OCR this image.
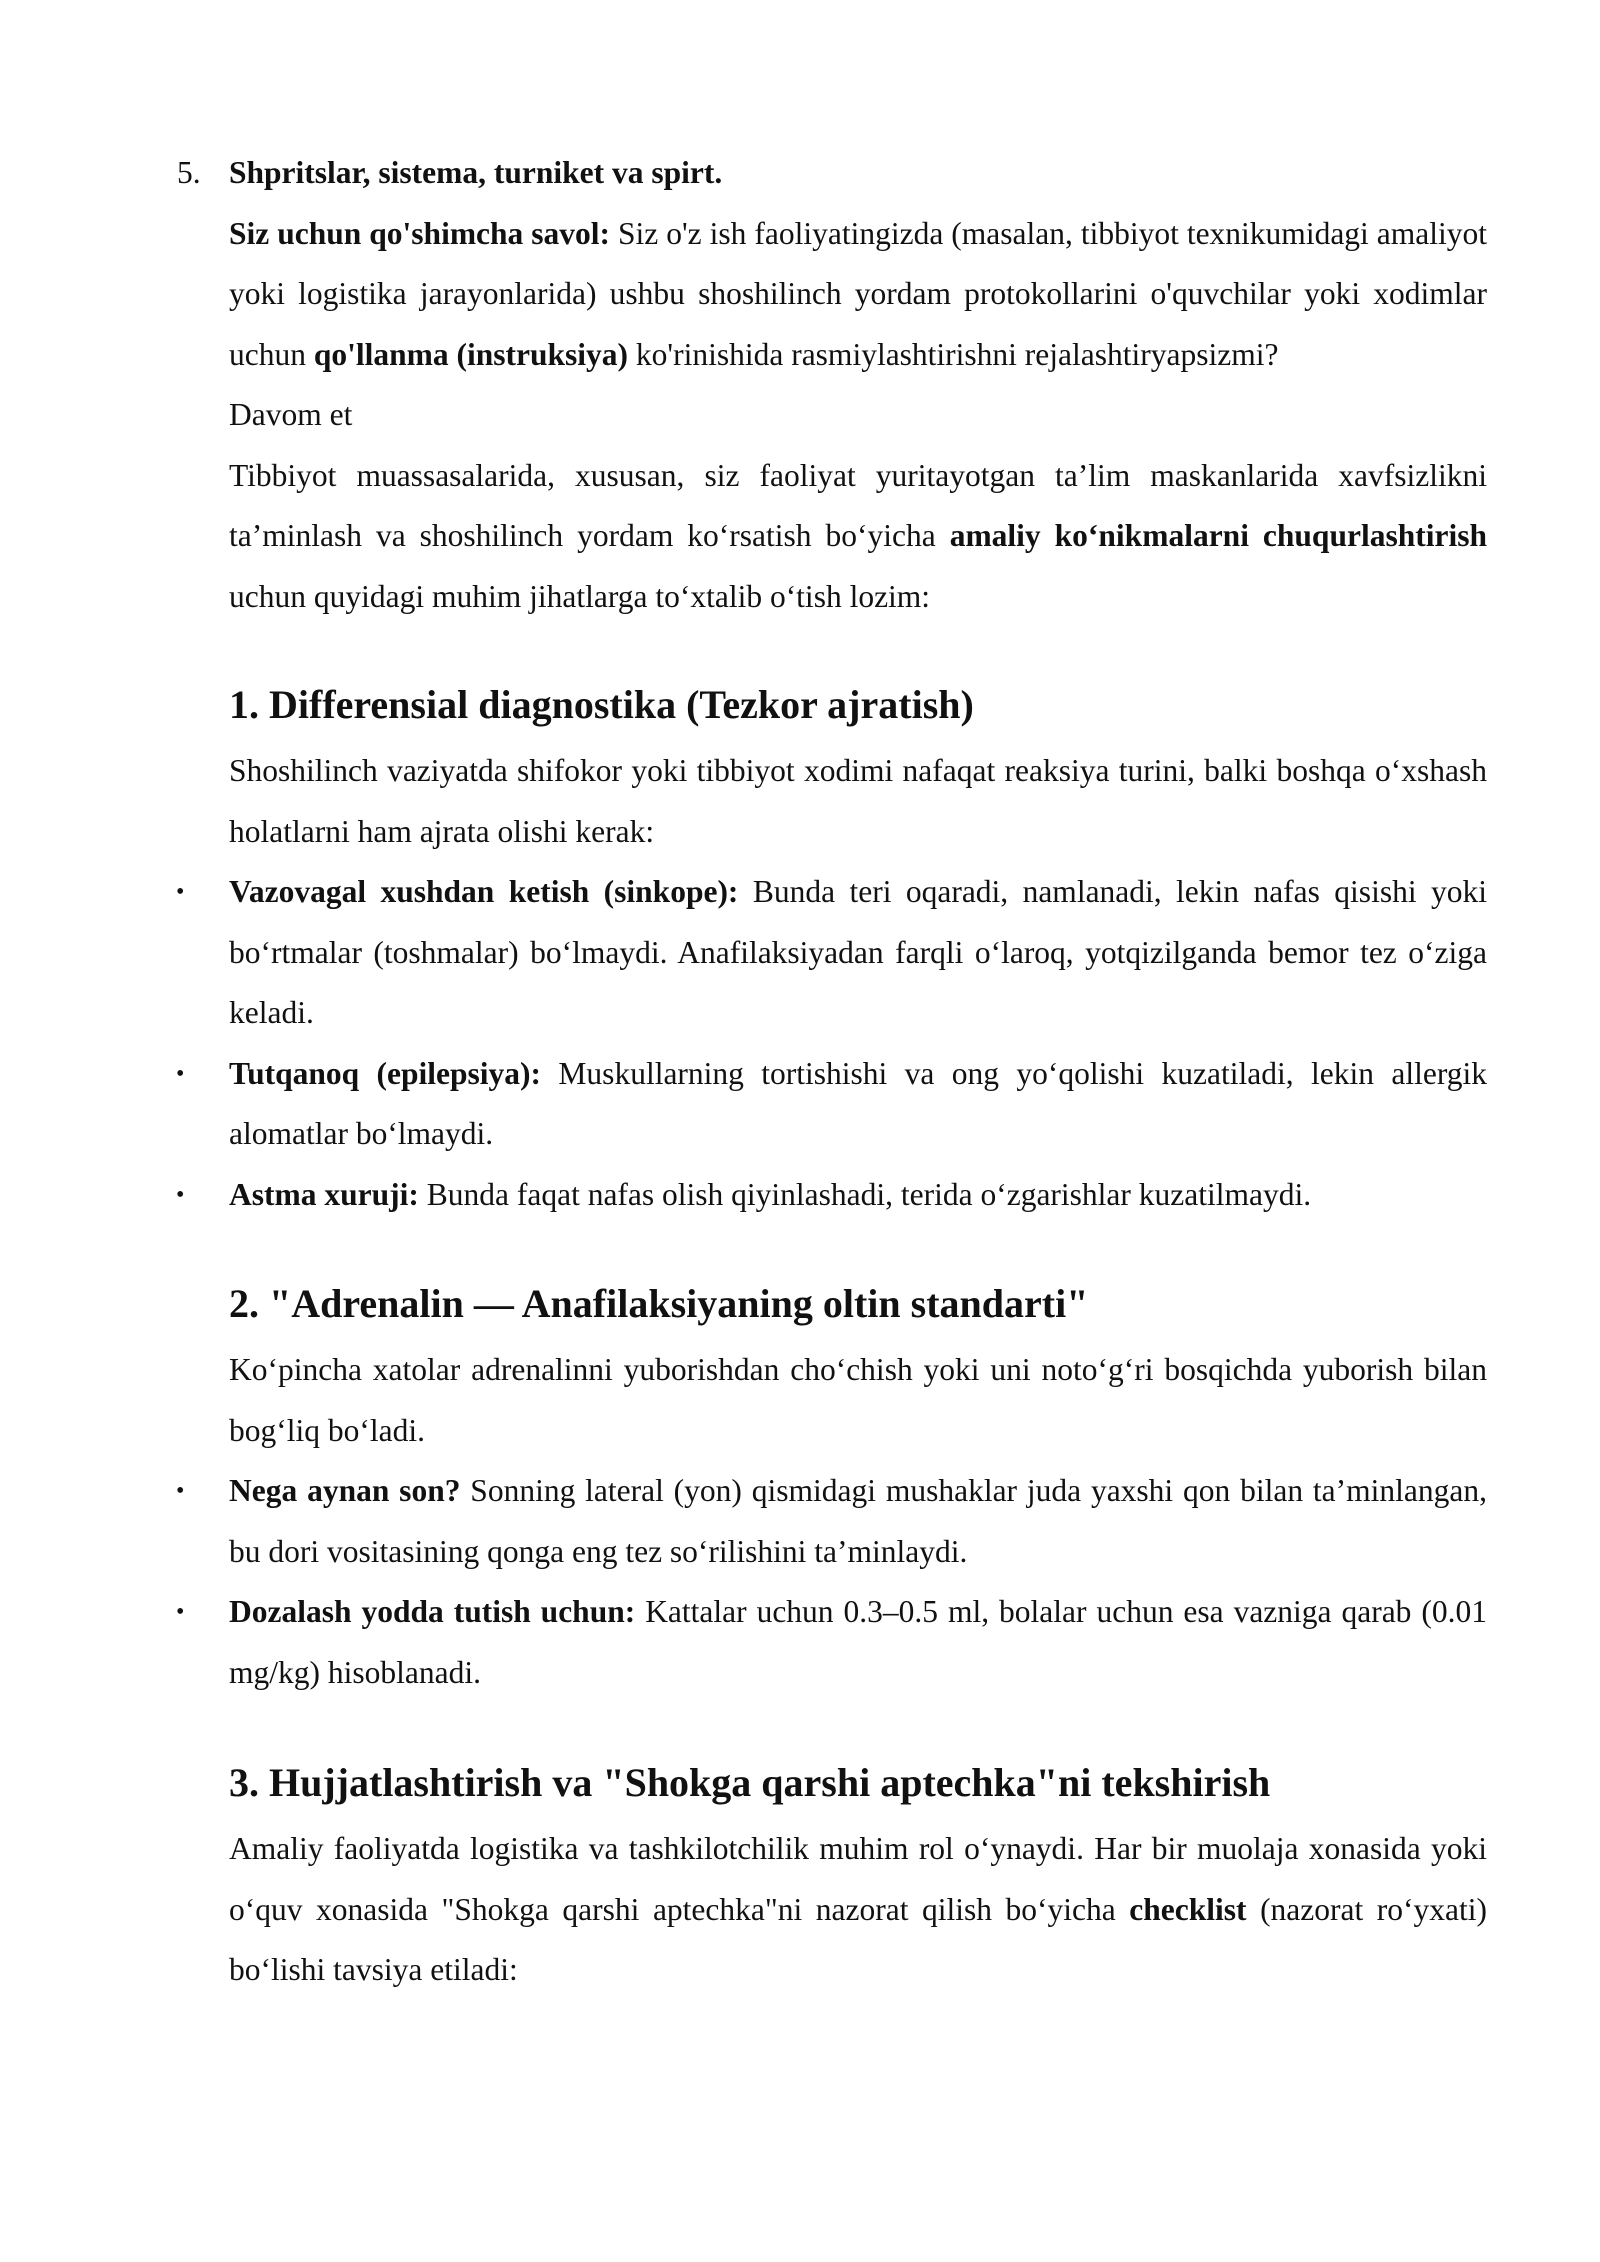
5. Shpritslar, sistema, turniket va spirt.

Siz uchun qo'shimcha savol: Siz o'z ish faoliyatingizda (masalan, tibbiyot texnikumidagi amaliyot yoki logistika jarayonlarida) ushbu shoshilinch yordam protokollarini o'quvchilar yoki xodimlar uchun qo'llanma (instruksiya) ko'rinishida rasmiylashtirishni rejalashtiryapsizmi?

Davom et

Tibbiyot muassasalarida, xususan, siz faoliyat yuritayotgan ta’lim maskanlarida xavfsizlikni ta’minlash va shoshilinch yordam ko‘rsatish bo‘yicha amaliy ko‘nikmalarni chuqurlashtirish uchun quyidagi muhim jihatlarga to‘xtalib o‘tish lozim:

1. Differensial diagnostika (Tezkor ajratish)

Shoshilinch vaziyatda shifokor yoki tibbiyot xodimi nafaqat reaksiya turini, balki boshqa o‘xshash holatlarni ham ajrata olishi kerak:

• Vazovagal xushdan ketish (sinkope): Bunda teri oqaradi, namlanadi, lekin nafas qisishi yoki bo‘rtmalar (toshmalar) bo‘lmaydi. Anafilaksiyadan farqli o‘laroq, yotqizilganda bemor tez o‘ziga keladi.

• Tutqanoq (epilepsiya): Muskullarning tortishishi va ong yo‘qolishi kuzatiladi, lekin allergik alomatlar bo‘lmaydi.

• Astma xuruji: Bunda faqat nafas olish qiyinlashadi, terida o‘zgarishlar kuzatilmaydi.

2. "Adrenalin — Anafilaksiyaning oltin standarti"

Ko‘pincha xatolar adrenalinni yuborishdan cho‘chish yoki uni noto‘g‘ri bosqichda yuborish bilan bog‘liq bo‘ladi.

• Nega aynan son? Sonning lateral (yon) qismidagi mushaklar juda yaxshi qon bilan ta’minlangan, bu dori vositasining qonga eng tez so‘rilishini ta’minlaydi.

• Dozalash yodda tutish uchun: Kattalar uchun 0.3–0.5 ml, bolalar uchun esa vazniga qarab (0.01 mg/kg) hisoblanadi.

3. Hujjatlashtirish va "Shokga qarshi aptechka"ni tekshirish

Amaliy faoliyatda logistika va tashkilotchilik muhim rol o‘ynaydi. Har bir muolaja xonasida yoki o‘quv xonasida "Shokga qarshi aptechka"ni nazorat qilish bo‘yicha checklist (nazorat ro‘yxati) bo‘lishi tavsiya etiladi:
